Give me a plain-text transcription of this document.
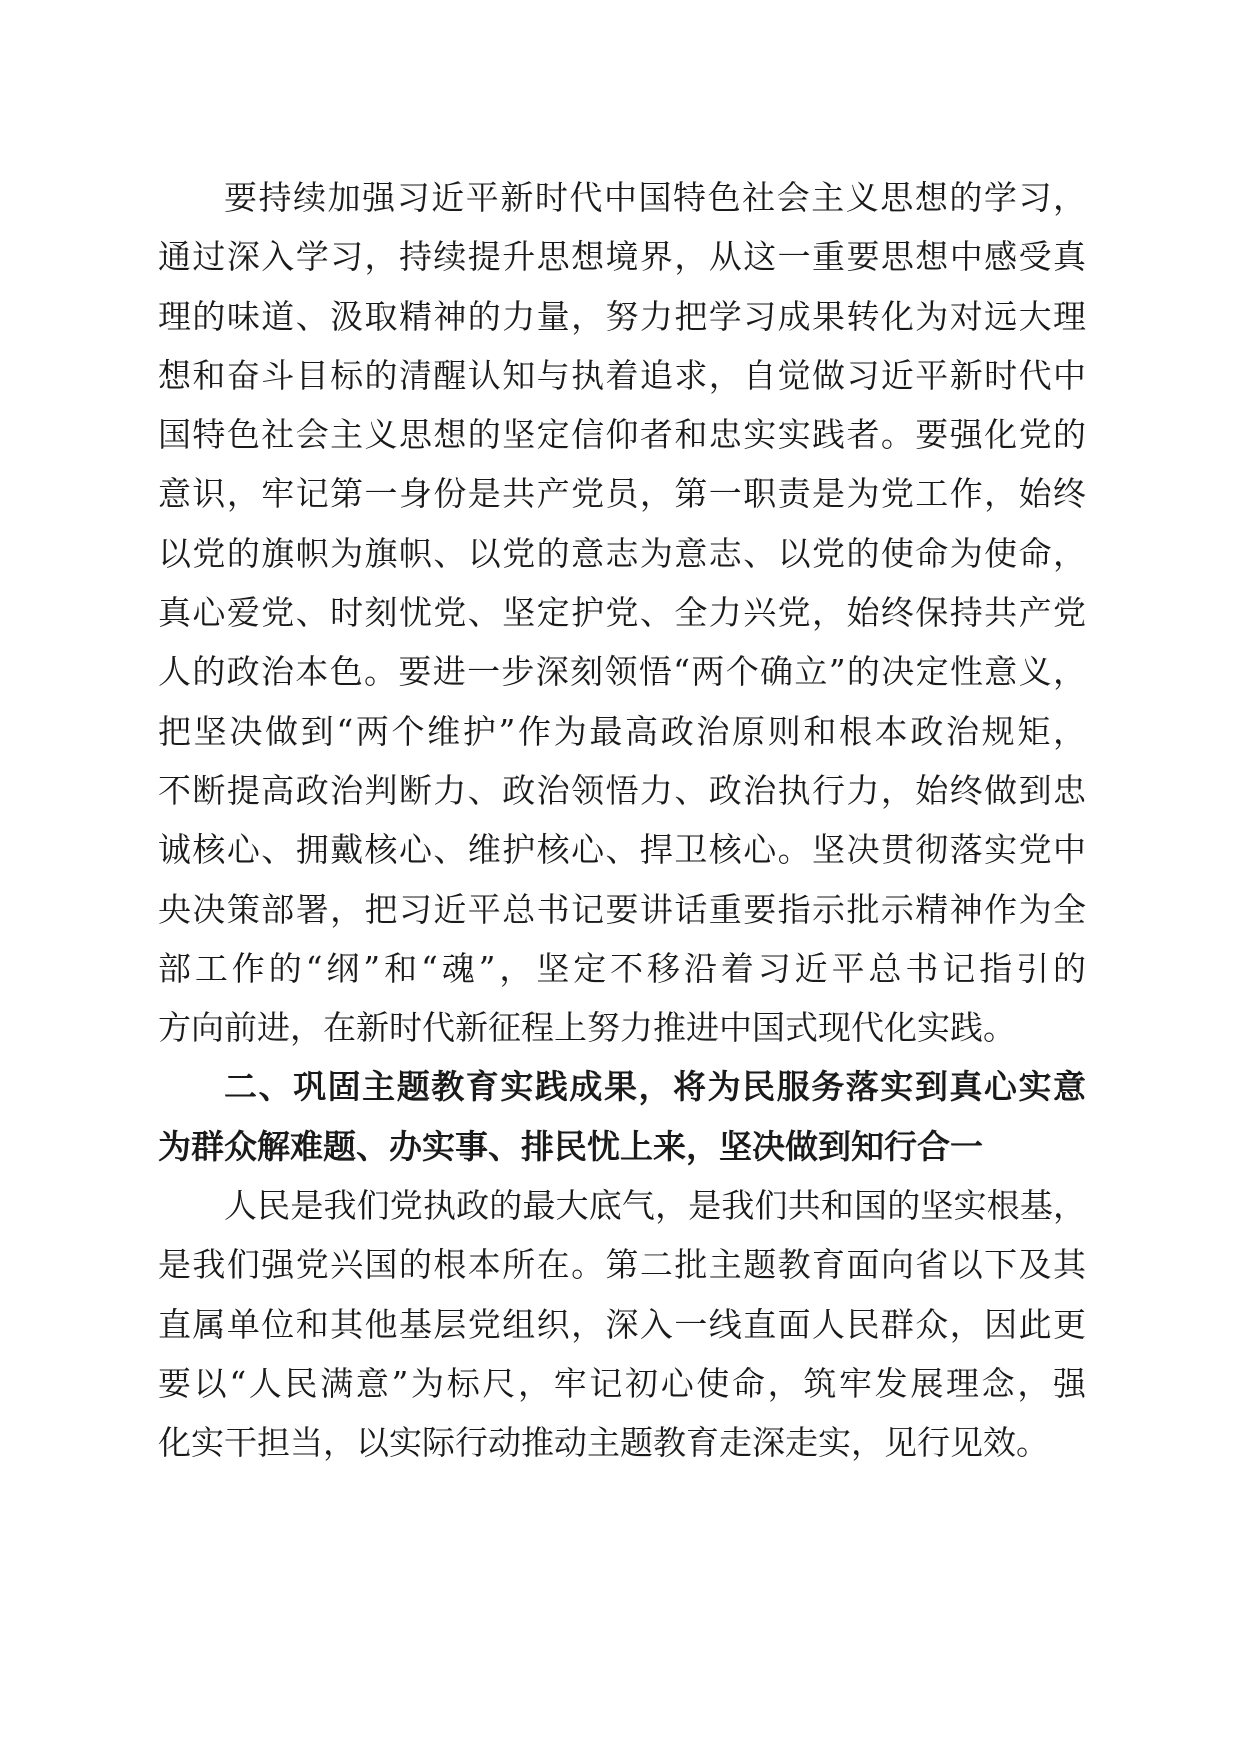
要持续加强习近平新时代中国特色社会主义思想的学习，
通过深入学习，持续提升思想境界，从这一重要思想中感受真
理的味道、汲取精神的力量，努力把学习成果转化为对远大理
想和奋斗目标的清醒认知与执着追求，自觉做习近平新时代中
国特色社会主义思想的坚定信仰者和忠实实践者。要强化党的
意识，牢记第一身份是共产党员，第一职责是为党工作，始终
以党的旗帜为旗帜、以党的意志为意志、以党的使命为使命，
真心爱党、时刻忧党、坚定护党、全力兴党，始终保持共产党
人的政治本色。要进一步深刻领悟“两个确立”的决定性意义，
把坚决做到“两个维护”作为最高政治原则和根本政治规矩，
不断提高政治判断力、政治领悟力、政治执行力，始终做到忠
诚核心、拥戴核心、维护核心、捍卫核心。坚决贯彻落实党中
央决策部署，把习近平总书记要讲话重要指示批示精神作为全
部工作的“纲”和“魂”，坚定不移沿着习近平总书记指引的
方向前进，在新时代新征程上努力推进中国式现代化实践。
二、巩固主题教育实践成果，将为民服务落实到真心实意
为群众解难题、办实事、排民忧上来，坚决做到知行合一
人民是我们党执政的最大底气，是我们共和国的坚实根基，
是我们强党兴国的根本所在。第二批主题教育面向省以下及其
直属单位和其他基层党组织，深入一线直面人民群众，因此更
要以“人民满意”为标尺，牢记初心使命，筑牢发展理念，强
化实干担当，以实际行动推动主题教育走深走实，见行见效。
